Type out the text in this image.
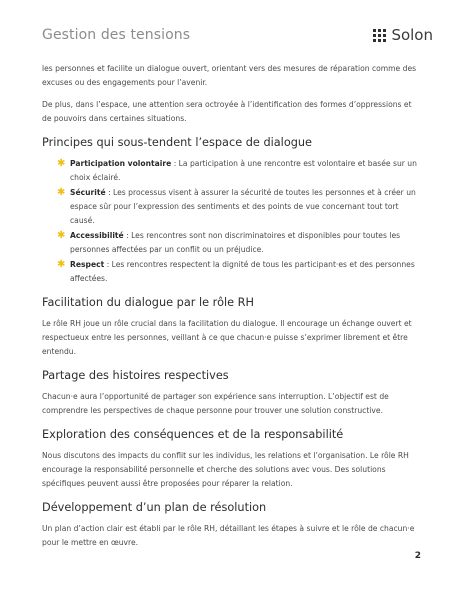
Gestion des tensions	Solon

les personnes et facilite un dialogue ouvert, orientant vers des mesures de réparation comme des excuses ou des engagements pour l’avenir.

De plus, dans l’espace, une attention sera octroyée à l’identification des formes d’oppressions et de pouvoirs dans certaines situations.

Principes qui sous-tendent l’espace de dialogue
✱ Participation volontaire : La participation à une rencontre est volontaire et basée sur un choix éclairé.
✱ Sécurité : Les processus visent à assurer la sécurité de toutes les personnes et à créer un espace sûr pour l’expression des sentiments et des points de vue concernant tout tort causé.
✱ Accessibilité : Les rencontres sont non discriminatoires et disponibles pour toutes les personnes affectées par un conflit ou un préjudice.
✱ Respect : Les rencontres respectent la dignité de tous les participant·es et des personnes affectées.
Facilitation du dialogue par le rôle RH

Le rôle RH joue un rôle crucial dans la facilitation du dialogue. Il encourage un échange ouvert et respectueux entre les personnes, veillant à ce que chacun·e puisse s’exprimer librement et être entendu.

Partage des histoires respectives

Chacun·e aura l’opportunité de partager son expérience sans interruption. L’objectif est de comprendre les perspectives de chaque personne pour trouver une solution constructive.

Exploration des conséquences et de la responsabilité

Nous discutons des impacts du conflit sur les individus, les relations et l’organisation. Le rôle RH encourage la responsabilité personnelle et cherche des solutions avec vous. Des solutions spécifiques peuvent aussi être proposées pour réparer la relation.

Développement d’un plan de résolution

Un plan d’action clair est établi par le rôle RH, détaillant les étapes à suivre et le rôle de chacun·e pour le mettre en œuvre.

2
